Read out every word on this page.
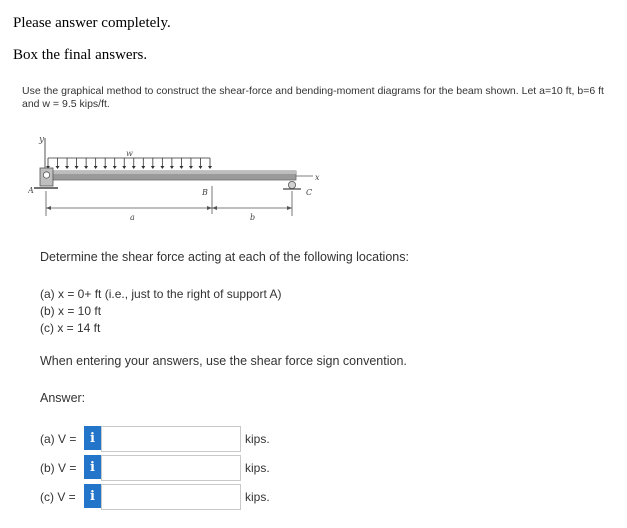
Please answer completely.
Box the final answers.
Use the graphical method to construct the shear-force and bending-moment diagrams for the beam shown. Let a=10 ft, b=6 ft and w = 9.5 kips/ft.
y
w
A	C
x
B
a	b
Determine the shear force acting at each of the following locations:
(a) x = 0+ ft (i.e., just to the right of support A)
(b) x = 10 ft
(c) x = 14 ft
When entering your answers, use the shear force sign convention.
Answer:
(a) V =	i	kips.
(b) V =	i	kips.
(c) V =	i	kips.
